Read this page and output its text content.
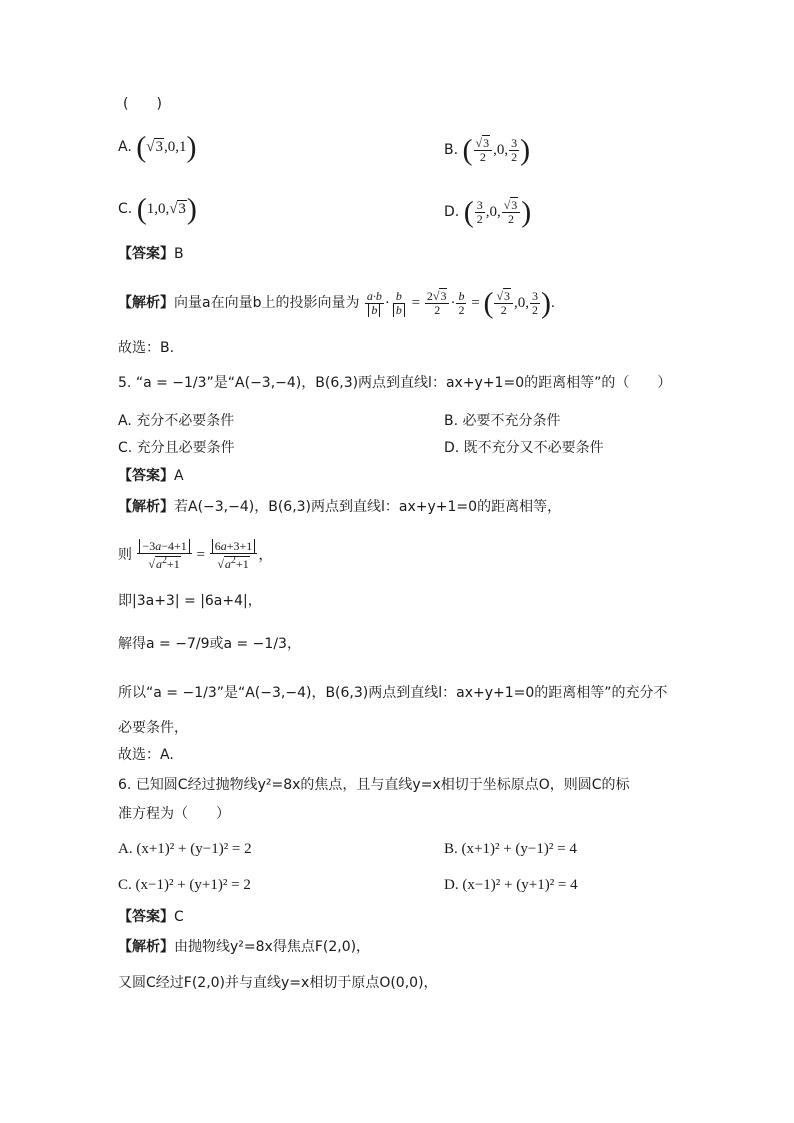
(　　)
A. (√3,0,1)	B. ( $\frac{√3}{2} ,0$, $\frac{3}{2}$ )
C. (1,0,√3)	D. ( $\frac{3}{2} ,0$, $\frac{√3}{2}$ )
【答案】B
【解析】向量a在向量b上的投影向量为 $\frac{a\cdot b}{b} \cdot \frac{b}{b} = \frac{2√3}{2} \cdot \frac{b}{2}$ = ( $\frac{√3}{2} ,0$, $\frac{3}{2}$ ).
故选：B.
5. “a = −1/3”是“A(−3,−4)，B(6,3)两点到直线l：ax+y+1=0的距离相等”的（　　）
A. 充分不必要条件	B. 必要不充分条件
C. 充分且必要条件	D. 既不充分又不必要条件
【答案】A
【解析】若A(−3,−4)，B(6,3)两点到直线l：ax+y+1=0的距离相等，
则 $\frac{-3a-4+1}{√a^2+1} = \frac{6a+3+1}{√a^2+1}$ ，
即|3a+3| = |6a+4|，
解得a = −7/9或a = −1/3，
所以“a = −1/3”是“A(−3,−4)，B(6,3)两点到直线l：ax+y+1=0的距离相等”的充分不
必要条件，
故选：A.
6. 已知圆C经过抛物线y²=8x的焦点，且与直线y=x相切于坐标原点O，则圆C的标
准方程为（　　）
A. (x+1)² + (y−1)² = 2	B. (x+1)² + (y−1)² = 4
C. (x−1)² + (y+1)² = 2	D. (x−1)² + (y+1)² = 4
【答案】C
【解析】由抛物线y²=8x得焦点F(2,0)，
又圆C经过F(2,0)并与直线y=x相切于原点O(0,0)，
